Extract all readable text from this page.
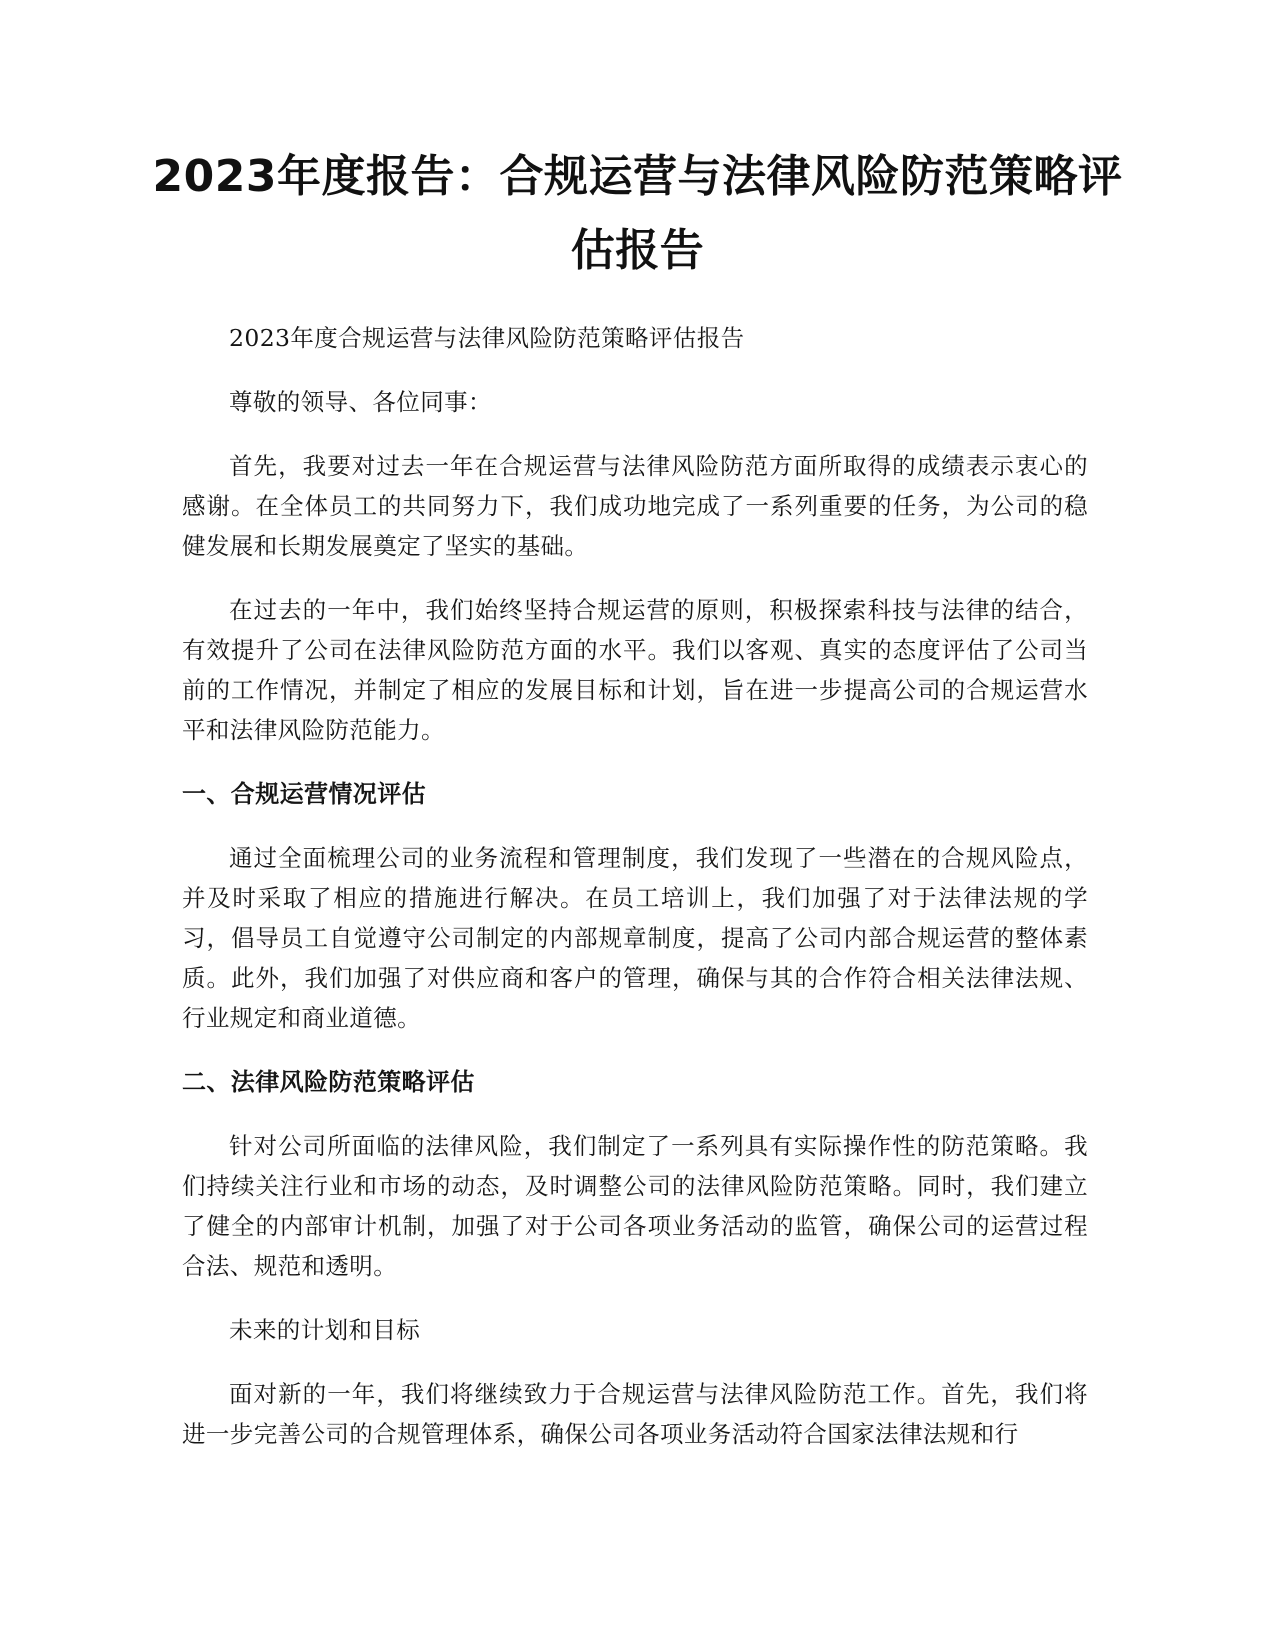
2023年度报告：合规运营与法律风险防范策略评估报告

2023年度合规运营与法律风险防范策略评估报告

尊敬的领导、各位同事：

首先，我要对过去一年在合规运营与法律风险防范方面所取得的成绩表示衷心的感谢。在全体员工的共同努力下，我们成功地完成了一系列重要的任务，为公司的稳健发展和长期发展奠定了坚实的基础。

在过去的一年中，我们始终坚持合规运营的原则，积极探索科技与法律的结合，有效提升了公司在法律风险防范方面的水平。我们以客观、真实的态度评估了公司当前的工作情况，并制定了相应的发展目标和计划，旨在进一步提高公司的合规运营水平和法律风险防范能力。

一、合规运营情况评估

通过全面梳理公司的业务流程和管理制度，我们发现了一些潜在的合规风险点，并及时采取了相应的措施进行解决。在员工培训上，我们加强了对于法律法规的学习，倡导员工自觉遵守公司制定的内部规章制度，提高了公司内部合规运营的整体素质。此外，我们加强了对供应商和客户的管理，确保与其的合作符合相关法律法规、行业规定和商业道德。

二、法律风险防范策略评估

针对公司所面临的法律风险，我们制定了一系列具有实际操作性的防范策略。我们持续关注行业和市场的动态，及时调整公司的法律风险防范策略。同时，我们建立了健全的内部审计机制，加强了对于公司各项业务活动的监管，确保公司的运营过程合法、规范和透明。

未来的计划和目标

面对新的一年，我们将继续致力于合规运营与法律风险防范工作。首先，我们将进一步完善公司的合规管理体系，确保公司各项业务活动符合国家法律法规和行
